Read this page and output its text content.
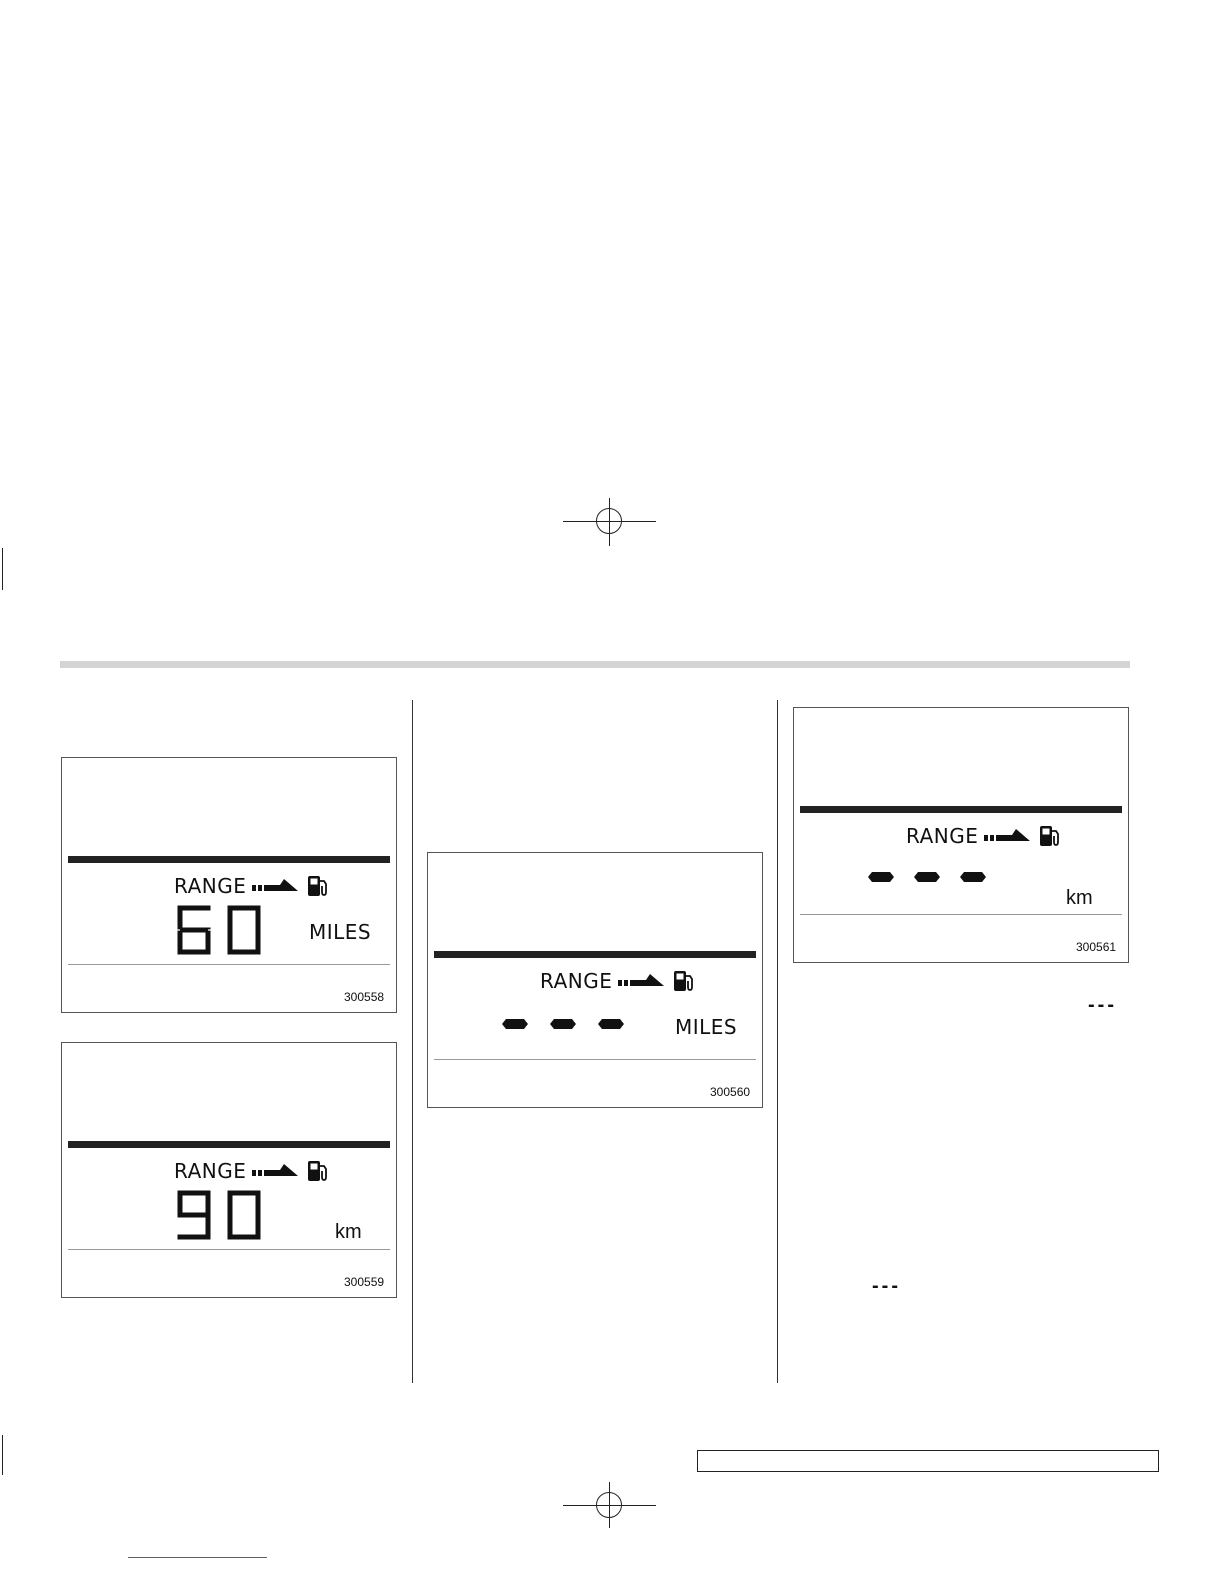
RANGE
MILES
300558
RANGE
km
300559
RANGE
MILES
300560
RANGE
km
300561
---
---
